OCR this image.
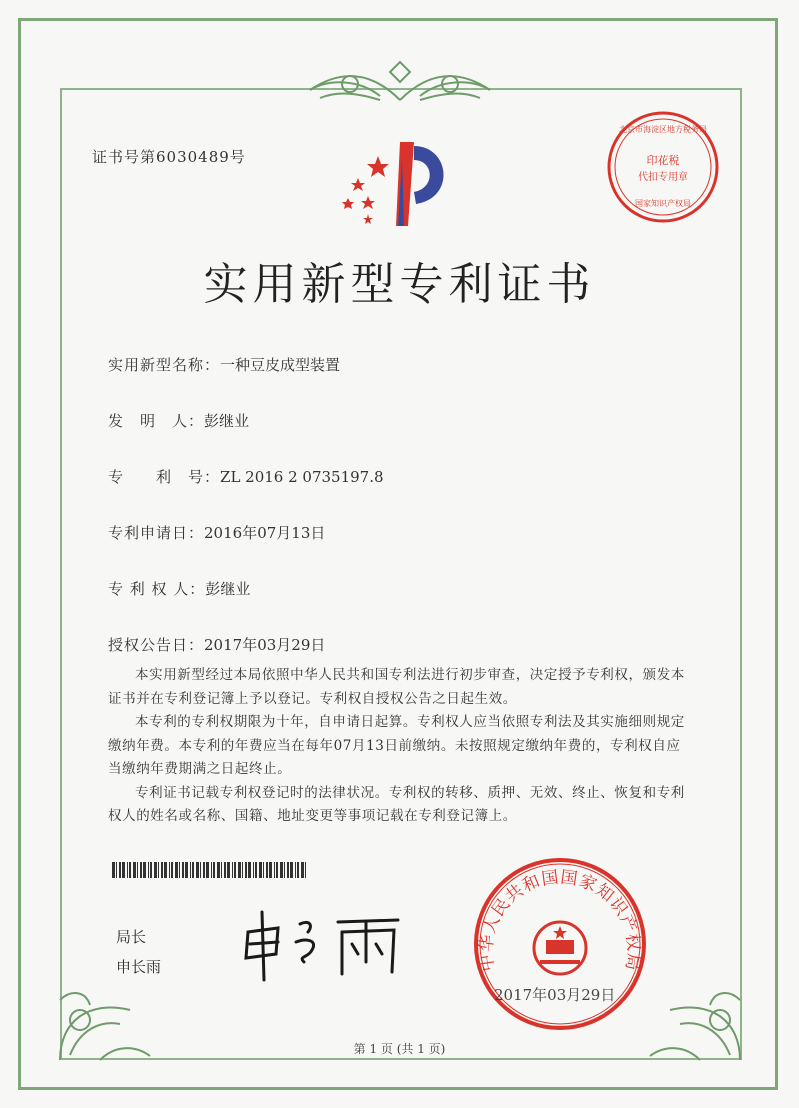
证书号第6030489号	印花税
代扣专用章
北京市海淀区地方税务局
国家知识产权局
实用新型专利证书
实用新型名称：一种豆皮成型装置
发　明　人：彭继业
专　　利　号：ZL 2016 2 0735197.8
专利申请日：2016年07月13日
专 利 权 人：彭继业
授权公告日：2017年03月29日

本实用新型经过本局依照中华人民共和国专利法进行初步审查，决定授予专利权，颁发本证书并在专利登记簿上予以登记。专利权自授权公告之日起生效。

本专利的专利权期限为十年，自申请日起算。专利权人应当依照专利法及其实施细则规定缴纳年费。本专利的年费应当在每年07月13日前缴纳。未按照规定缴纳年费的，专利权自应当缴纳年费期满之日起终止。

专利证书记载专利权登记时的法律状况。专利权的转移、质押、无效、终止、恢复和专利权人的姓名或名称、国籍、地址变更等事项记载在专利登记簿上。

局长
申长雨	中华人民共和国国家知识产权局
2017年03月29日
第 1 页 (共 1 页)
